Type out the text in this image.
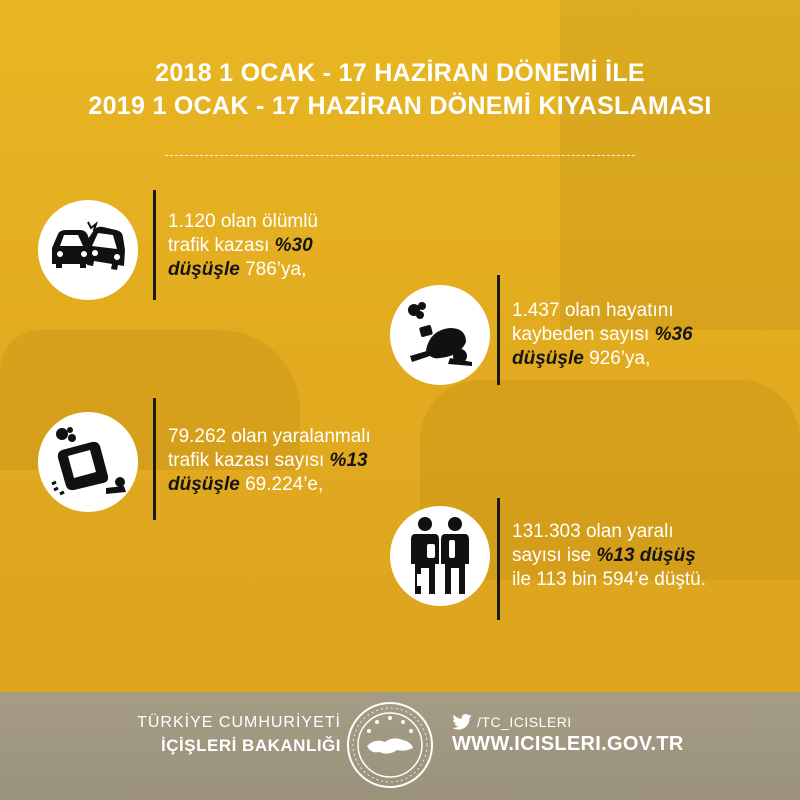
2018 1 OCAK - 17 HAZİRAN DÖNEMİ İLE
2019 1 OCAK - 17 HAZİRAN DÖNEMİ KIYASLAMASI
1.120 olan ölümlü
trafik kazası %30
düşüşle 786’ya,
1.437 olan hayatını
kaybeden sayısı %36
düşüşle 926’ya,
79.262 olan yaralanmalı
trafik kazası sayısı %13
düşüşle 69.224’e,
131.303 olan yaralı
sayısı ise %13 düşüş
ile 113 bin 594’e düştü.
TÜRKİYE CUMHURİYETİ
İÇİŞLERİ BAKANLIĞI
/TC_ICISLERI
WWW.ICISLERI.GOV.TR
